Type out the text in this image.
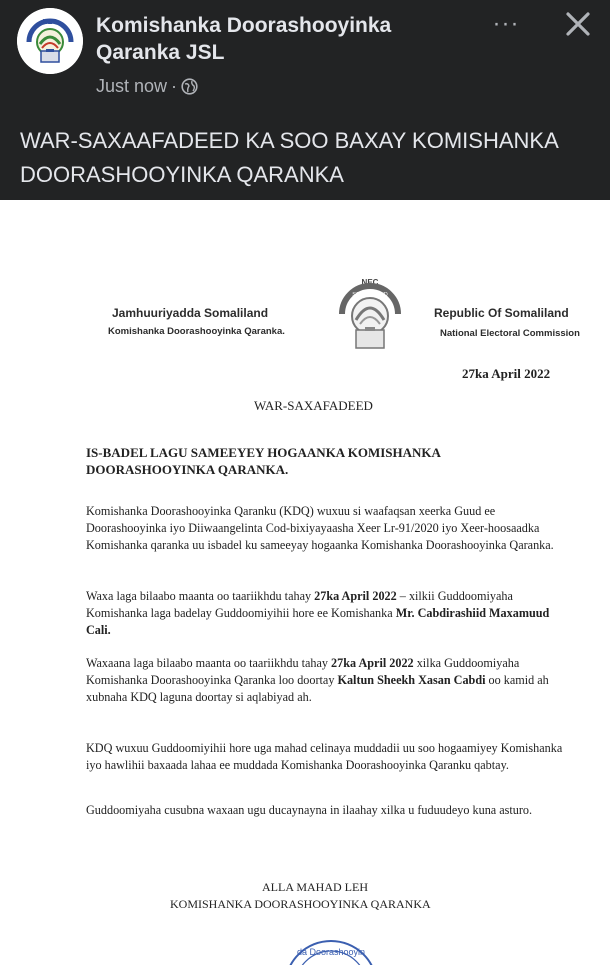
NEC Komishanka Doorashooyinka Qaranka JSL
Just now ·
···
WAR-SAXAAFADEED KA SOO BAXAY KOMISHANKA DOORASHOOYINKA QARANKA
Jamhuuriyadda Somaliland
Komishanka Doorashooyinka Qaranka.
NEC
SOMALILAND
Republic Of Somaliland
National Electoral Commission
27ka April 2022
WAR-SAXAFADEED
IS-BADEL LAGU SAMEEYEY HOGAANKA KOMISHANKA
DOORASHOOYINKA QARANKA.

Komishanka Doorashooyinka Qaranku (KDQ) wuxuu si waafaqsan xeerka Guud ee Doorashooyinka iyo Diiwaangelinta Cod-bixiyayaasha Xeer Lr-91/2020 iyo Xeer-hoosaadka Komishanka qaranka uu isbadel ku sameeyay hogaanka Komishanka Doorashooyinka Qaranka.

Waxa laga bilaabo maanta oo taariikhdu tahay 27ka April 2022 – xilkii Guddoomiyaha Komishanka laga badelay Guddoomiyihii hore ee Komishanka Mr. Cabdirashiid Maxamuud Cali.

Waxaana laga bilaabo maanta oo taariikhdu tahay 27ka April 2022 xilka Guddoomiyaha Komishanka Doorashooyinka Qaranka loo doortay Kaltun Sheekh Xasan Cabdi oo kamid ah xubnaha KDQ laguna doortay si aqlabiyad ah.

KDQ wuxuu Guddoomiyihii hore uga mahad celinaya muddadii uu soo hogaamiyey Komishanka iyo hawlihii baxaada lahaa ee muddada Komishanka Doorashooyinka Qaranku qabtay.

Guddoomiyaha cusubna waxaan ugu ducaynayna in ilaahay xilka u fuduudeyo kuna asturo.

ALLA MAHAD LEH
KOMISHANKA DOORASHOOYINKA QARANKA
da Doorashooyin
